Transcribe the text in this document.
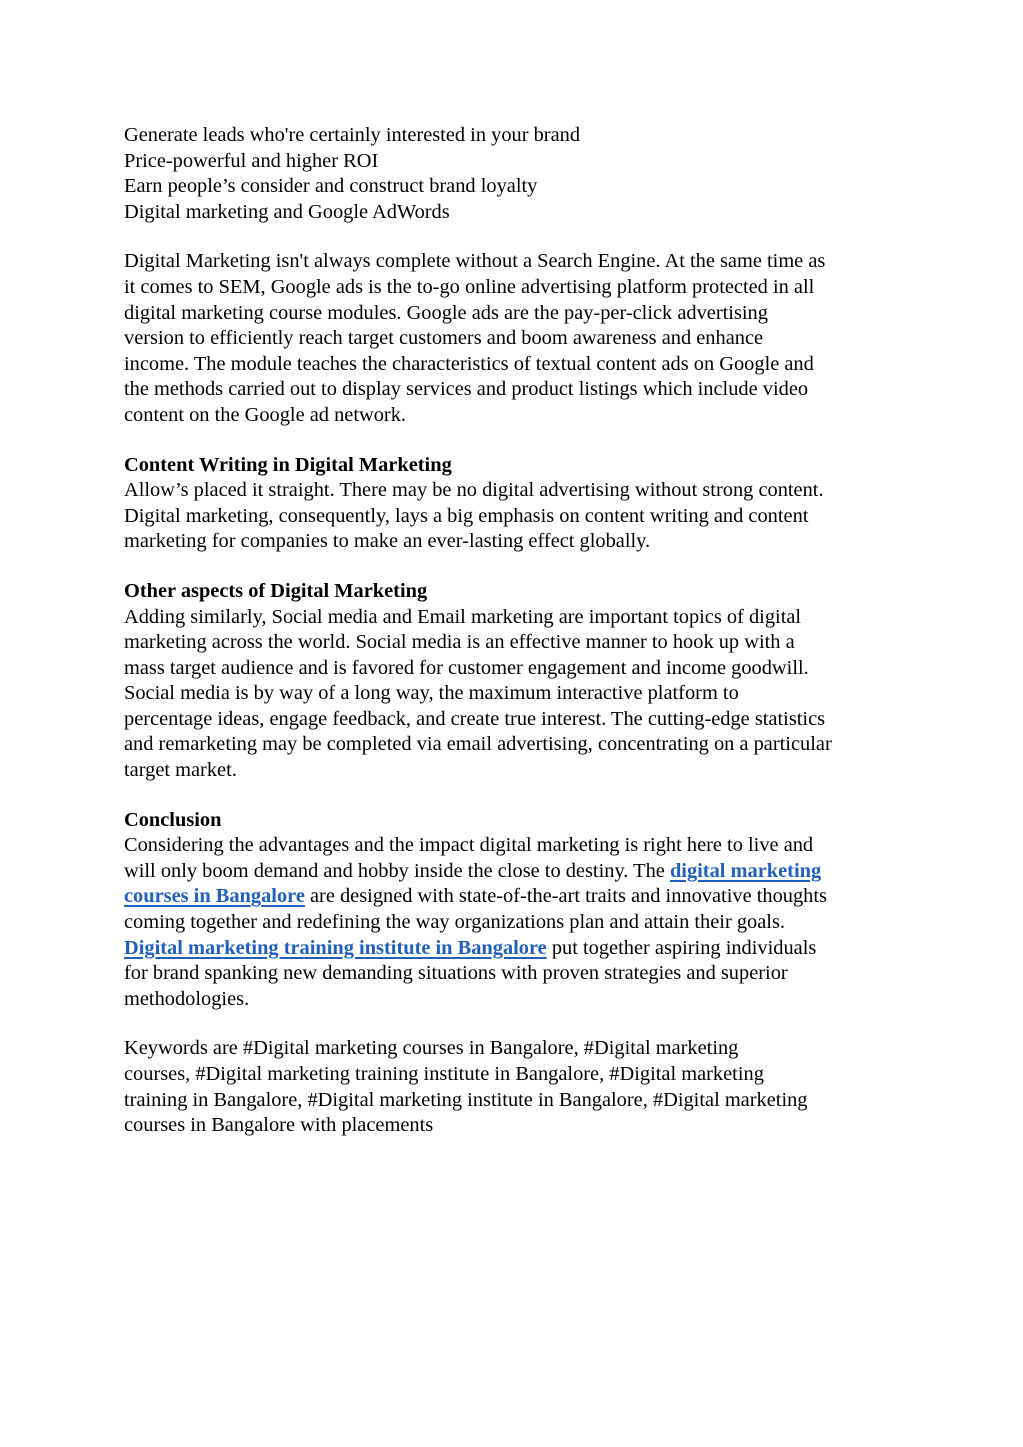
Generate leads who're certainly interested in your brand
Price-powerful and higher ROI
Earn people’s consider and construct brand loyalty
Digital marketing and Google AdWords
Digital Marketing isn't always complete without a Search Engine. At the same time as
it comes to SEM, Google ads is the to-go online advertising platform protected in all
digital marketing course modules. Google ads are the pay-per-click advertising
version to efficiently reach target customers and boom awareness and enhance
income. The module teaches the characteristics of textual content ads on Google and
the methods carried out to display services and product listings which include video
content on the Google ad network.
Content Writing in Digital Marketing
Allow’s placed it straight. There may be no digital advertising without strong content.
Digital marketing, consequently, lays a big emphasis on content writing and content
marketing for companies to make an ever-lasting effect globally.
Other aspects of Digital Marketing
Adding similarly, Social media and Email marketing are important topics of digital
marketing across the world. Social media is an effective manner to hook up with a
mass target audience and is favored for customer engagement and income goodwill.
Social media is by way of a long way, the maximum interactive platform to
percentage ideas, engage feedback, and create true interest. The cutting-edge statistics
and remarketing may be completed via email advertising, concentrating on a particular
target market.
Conclusion
Considering the advantages and the impact digital marketing is right here to live and
will only boom demand and hobby inside the close to destiny. The digital marketing
courses in Bangalore are designed with state-of-the-art traits and innovative thoughts
coming together and redefining the way organizations plan and attain their goals.
Digital marketing training institute in Bangalore put together aspiring individuals
for brand spanking new demanding situations with proven strategies and superior
methodologies.
Keywords are #Digital marketing courses in Bangalore, #Digital marketing
courses, #Digital marketing training institute in Bangalore, #Digital marketing
training in Bangalore, #Digital marketing institute in Bangalore, #Digital marketing
courses in Bangalore with placements
